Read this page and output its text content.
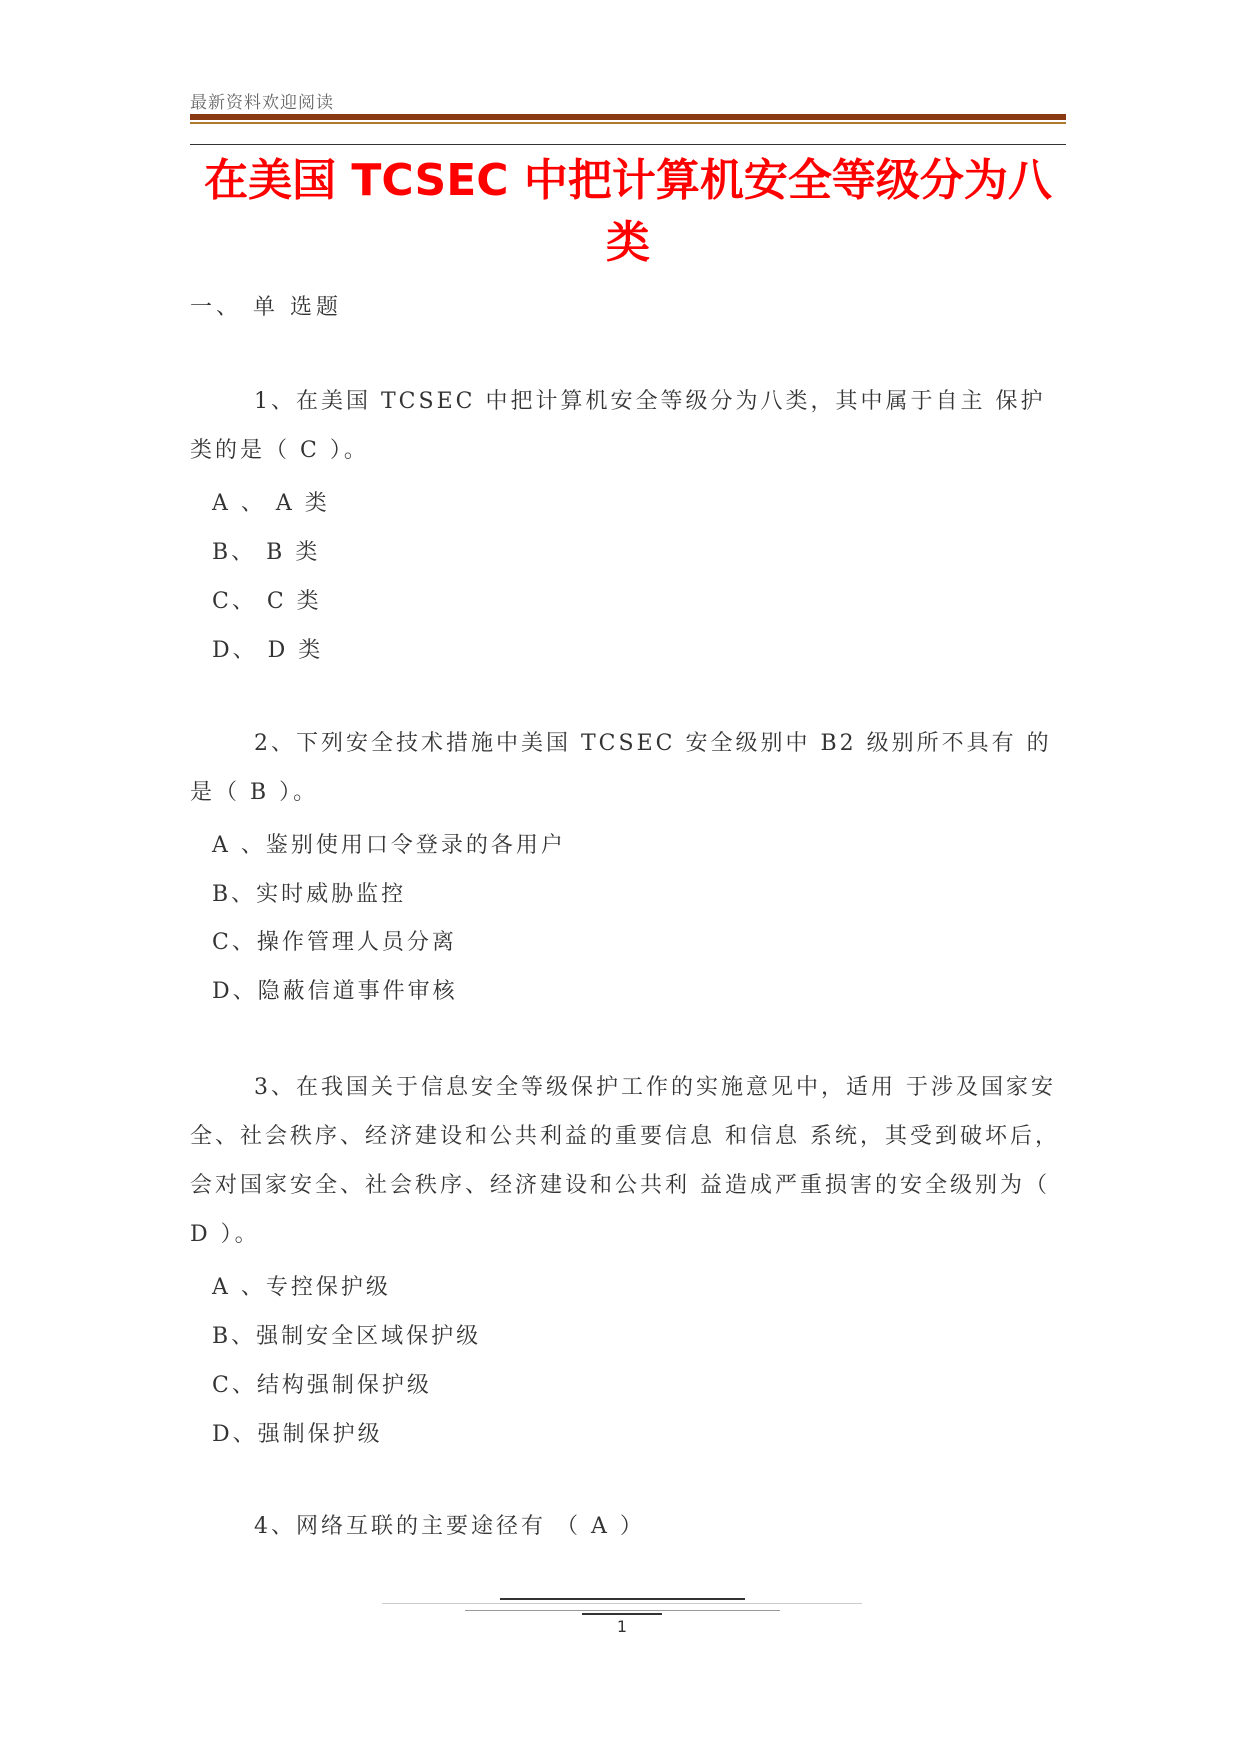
最新资料欢迎阅读
在美国 TCSEC 中把计算机安全等级分为八类
一、 单 选题

1、在美国 TCSEC 中把计算机安全等级分为八类，其中属于自主 保护类的是（ C ）。

A 、 A 类
B、 B 类
C、 C 类
D、 D 类

2、下列安全技术措施中美国 TCSEC 安全级别中 B2 级别所不具有 的是（ B ）。

A 、鉴别使用口令登录的各用户
B、实时威胁监控
C、操作管理人员分离
D、隐蔽信道事件审核

3、在我国关于信息安全等级保护工作的实施意见中，适用 于涉及国家安全、社会秩序、经济建设和公共利益的重要信息 和信息 系统，其受到破坏后，会对国家安全、社会秩序、经济建设和公共利 益造成严重损害的安全级别为（ D ）。

A 、专控保护级
B、强制安全区域保护级
C、结构强制保护级
D、强制保护级

4、网络互联的主要途径有 （ A ）

1
